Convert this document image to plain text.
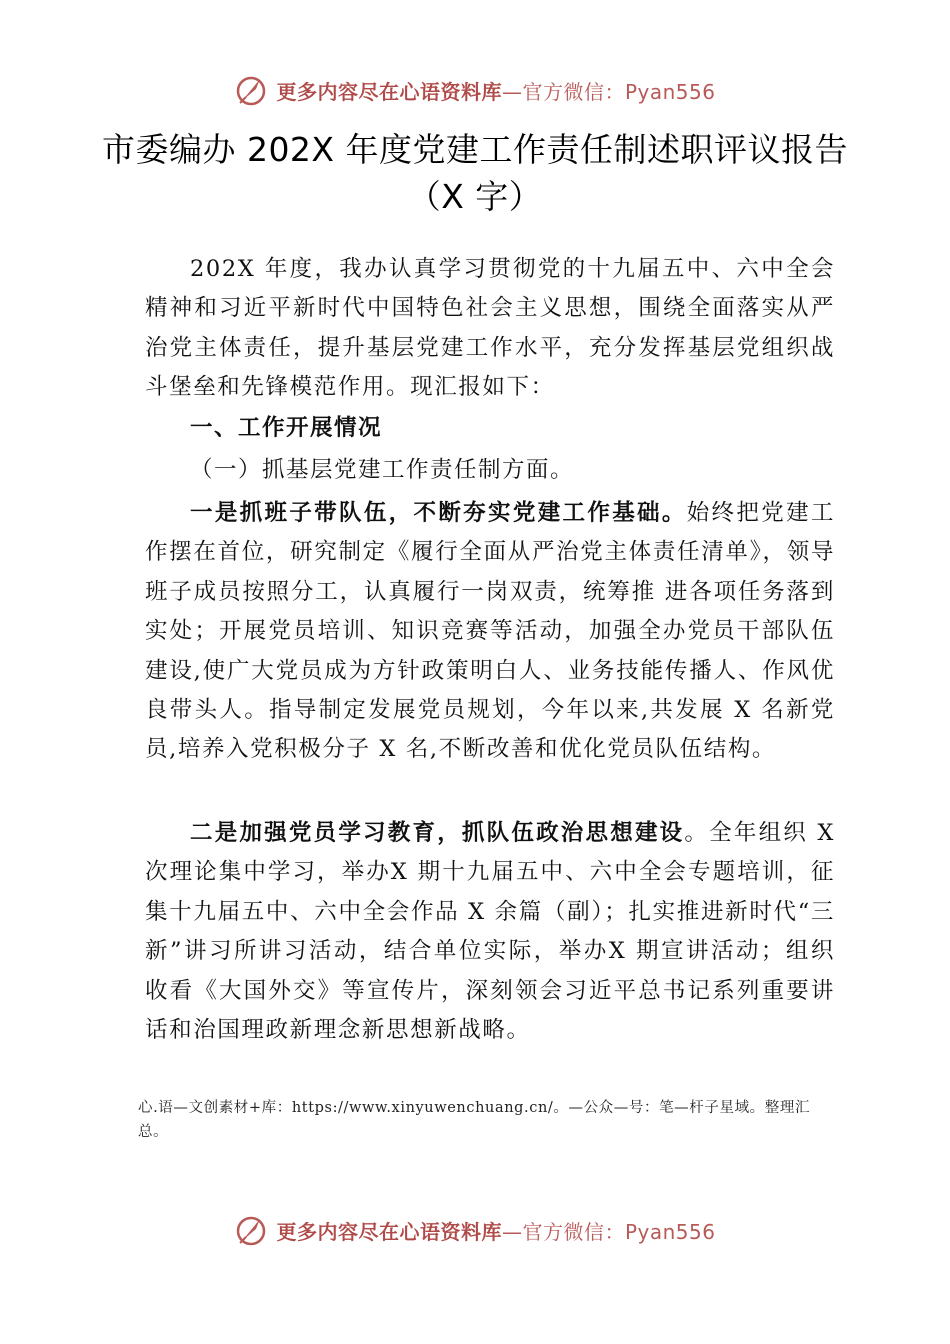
更多内容尽在心语资料库—官方微信：Pyan556
市委编办 202X 年度党建工作责任制述职评议报告（X 字）
202X 年度，我办认真学习贯彻党的十九届五中、六中全会精神和习近平新时代中国特色社会主义思想，围绕全面落实从严治党主体责任，提升基层党建工作水平，充分发挥基层党组织战斗堡垒和先锋模范作用。现汇报如下：
一、工作开展情况
（一）抓基层党建工作责任制方面。
一是抓班子带队伍，不断夯实党建工作基础。始终把党建工作摆在首位，研究制定《履行全面从严治党主体责任清单》，领导班子成员按照分工，认真履行一岗双责，统筹推 进各项任务落到实处；开展党员培训、知识竞赛等活动，加强全办党员干部队伍建设,使广大党员成为方针政策明白人、业务技能传播人、作风优良带头人。指导制定发展党员规划，今年以来,共发展 X 名新党员,培养入党积极分子 X 名,不断改善和优化党员队伍结构。
二是加强党员学习教育，抓队伍政治思想建设。全年组织 X 次理论集中学习，举办X 期十九届五中、六中全会专题培训，征集十九届五中、六中全会作品 X 余篇（副）；扎实推进新时代“三新”讲习所讲习活动，结合单位实际，举办X 期宣讲活动；组织收看《大国外交》等宣传片，深刻领会习近平总书记系列重要讲话和治国理政新理念新思想新战略。
心.语—文创素材+库：https://www.xinyuwenchuang.cn/。—公众—号：笔—杆子星域。整理汇总。
更多内容尽在心语资料库—官方微信：Pyan556
